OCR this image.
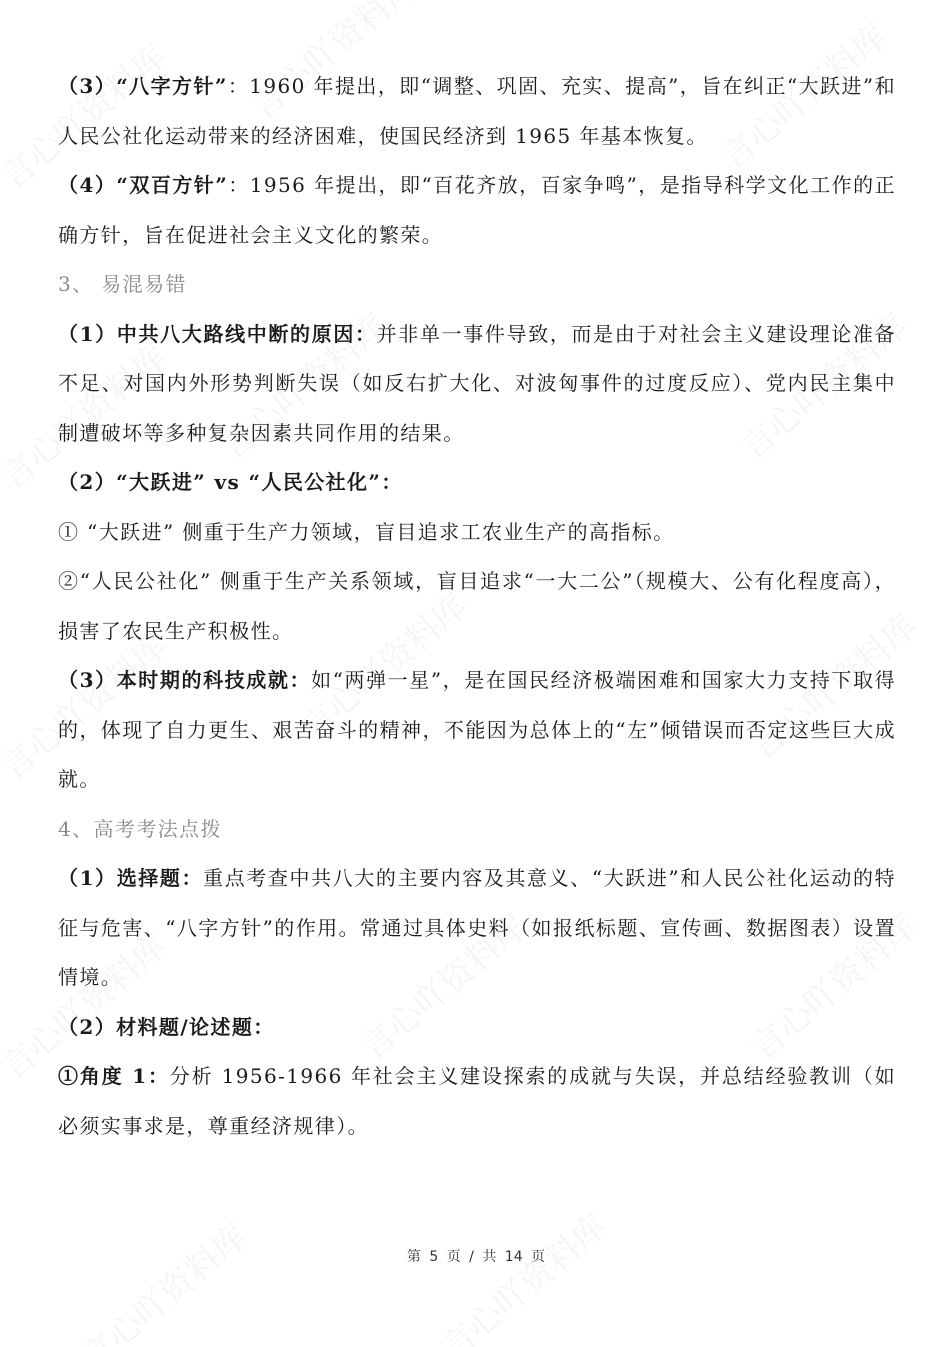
（3）“八字方针”：1960 年提出，即“调整、巩固、充实、提高”，旨在纠正“大跃进”和人民公社化运动带来的经济困难，使国民经济到 1965 年基本恢复。

（4）“双百方针”：1956 年提出，即“百花齐放，百家争鸣”，是指导科学文化工作的正确方针，旨在促进社会主义文化的繁荣。

3、 易混易错

（1）中共八大路线中断的原因：并非单一事件导致，而是由于对社会主义建设理论准备不足、对国内外形势判断失误（如反右扩大化、对波匈事件的过度反应）、党内民主集中制遭破坏等多种复杂因素共同作用的结果。

（2）“大跃进” vs “人民公社化”：

① “大跃进” 侧重于生产力领域，盲目追求工农业生产的高指标。

②“人民公社化” 侧重于生产关系领域，盲目追求“一大二公”（规模大、公有化程度高），损害了农民生产积极性。

（3）本时期的科技成就：如“两弹一星”，是在国民经济极端困难和国家大力支持下取得的，体现了自力更生、艰苦奋斗的精神，不能因为总体上的“左”倾错误而否定这些巨大成就。

4、高考考法点拨

（1）选择题：重点考查中共八大的主要内容及其意义、“大跃进”和人民公社化运动的特征与危害、“八字方针”的作用。常通过具体史料（如报纸标题、宣传画、数据图表）设置情境。

（2）材料题/论述题：

①角度 1：分析 1956-1966 年社会主义建设探索的成就与失误，并总结经验教训（如必须实事求是，尊重经济规律）。

第 5 页 / 共 14 页
